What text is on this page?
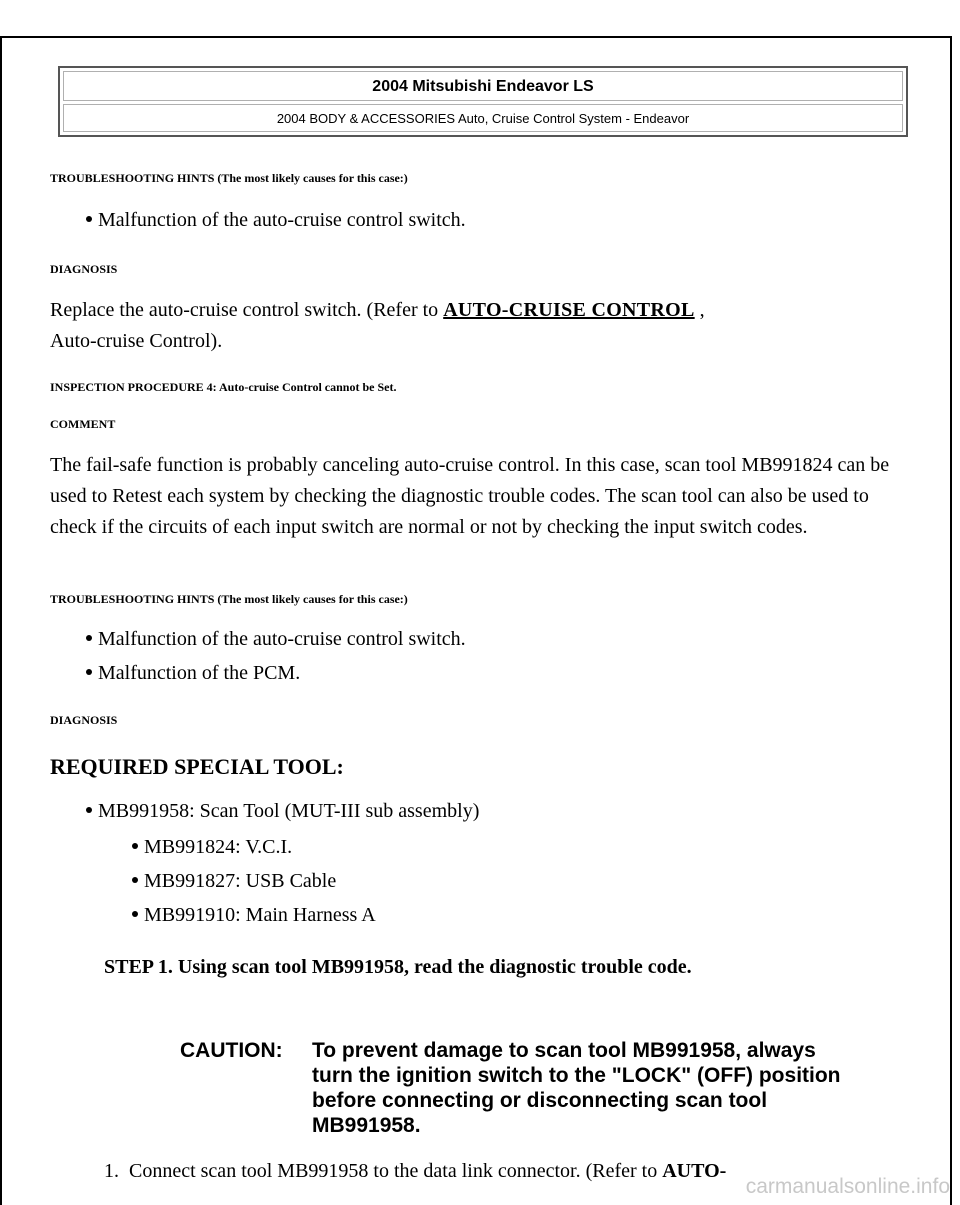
2004 Mitsubishi Endeavor LS
2004 BODY & ACCESSORIES Auto, Cruise Control System - Endeavor
TROUBLESHOOTING HINTS (The most likely causes for this case:)
Malfunction of the auto-cruise control switch.
DIAGNOSIS
Replace the auto-cruise control switch. (Refer to AUTO-CRUISE CONTROL ,
Auto-cruise Control).
INSPECTION PROCEDURE 4: Auto-cruise Control cannot be Set.
COMMENT
The fail-safe function is probably canceling auto-cruise control. In this case, scan tool MB991824 can be used to Retest each system by checking the diagnostic trouble codes. The scan tool can also be used to check if the circuits of each input switch are normal or not by checking the input switch codes.
TROUBLESHOOTING HINTS (The most likely causes for this case:)
Malfunction of the auto-cruise control switch.
Malfunction of the PCM.
DIAGNOSIS
REQUIRED SPECIAL TOOL:
MB991958: Scan Tool (MUT-III sub assembly)
MB991824: V.C.I.
MB991827: USB Cable
MB991910: Main Harness A
STEP 1. Using scan tool MB991958, read the diagnostic trouble code.
CAUTION: To prevent damage to scan tool MB991958, always turn the ignition switch to the "LOCK" (OFF) position before connecting or disconnecting scan tool MB991958.
1. Connect scan tool MB991958 to the data link connector. (Refer to AUTO-
carmanualsonline.info
